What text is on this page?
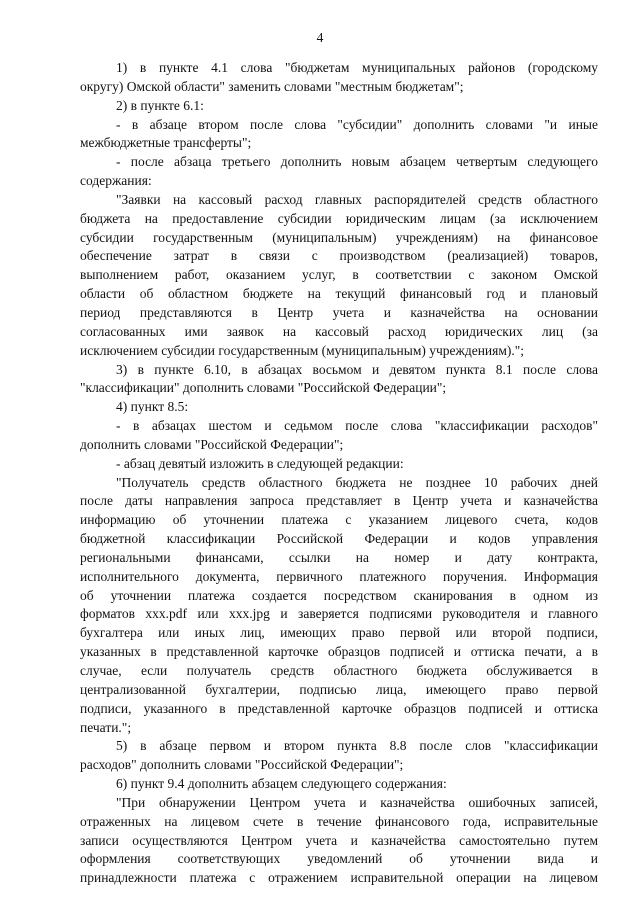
4
1) в пункте 4.1 слова "бюджетам муниципальных районов (городскому
округу) Омской области" заменить словами "местным бюджетам";
2) в пункте 6.1:
- в абзаце втором после слова "субсидии" дополнить словами "и иные
межбюджетные трансферты";
- после абзаца третьего дополнить новым абзацем четвертым следующего
содержания:
"Заявки на кассовый расход главных распорядителей средств областного
бюджета на предоставление субсидии юридическим лицам (за исключением
субсидии государственным (муниципальным) учреждениям) на финансовое
обеспечение затрат в связи с производством (реализацией) товаров,
выполнением работ, оказанием услуг, в соответствии с законом Омской
области об областном бюджете на текущий финансовый год и плановый
период представляются в Центр учета и казначейства на основании
согласованных ими заявок на кассовый расход юридических лиц (за
исключением субсидии государственным (муниципальным) учреждениям).";
3) в пункте 6.10, в абзацах восьмом и девятом пункта 8.1 после слова
"классификации" дополнить словами "Российской Федерации";
4) пункт 8.5:
- в абзацах шестом и седьмом после слова "классификации расходов"
дополнить словами "Российской Федерации";
- абзац девятый изложить в следующей редакции:
"Получатель средств областного бюджета не позднее 10 рабочих дней
после даты направления запроса представляет в Центр учета и казначейства
информацию об уточнении платежа с указанием лицевого счета, кодов
бюджетной классификации Российской Федерации и кодов управления
региональными финансами, ссылки на номер и дату контракта,
исполнительного документа, первичного платежного поручения. Информация
об уточнении платежа создается посредством сканирования в одном из
форматов xxx.pdf или xxx.jpg и заверяется подписями руководителя и главного
бухгалтера или иных лиц, имеющих право первой или второй подписи,
указанных в представленной карточке образцов подписей и оттиска печати, а в
случае, если получатель средств областного бюджета обслуживается в
централизованной бухгалтерии, подписью лица, имеющего право первой
подписи, указанного в представленной карточке образцов подписей и оттиска
печати.";
5) в абзаце первом и втором пункта 8.8 после слов "классификации
расходов" дополнить словами "Российской Федерации";
6) пункт 9.4 дополнить абзацем следующего содержания:
"При обнаружении Центром учета и казначейства ошибочных записей,
отраженных на лицевом счете в течение финансового года, исправительные
записи осуществляются Центром учета и казначейства самостоятельно путем
оформления соответствующих уведомлений об уточнении вида и
принадлежности платежа с отражением исправительной операции на лицевом
